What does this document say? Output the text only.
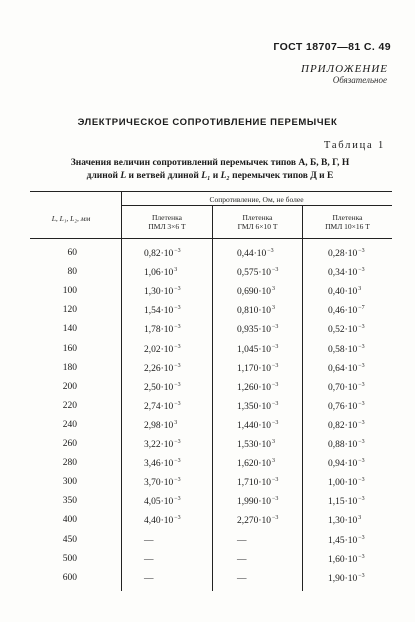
ГОСТ 18707—81 С. 49
ПРИЛОЖЕНИЕ
Обязательное
ЭЛЕКТРИЧЕСКОЕ СОПРОТИВЛЕНИЕ ПЕРЕМЫЧЕК
Таблица 1
Значения величин сопротивлений перемычек типов А, Б, В, Г, Н
длиной L и ветвей длиной L₁ и L₂ перемычек типов Д и Е
L, L₁, L₂, мм
Сопротивление, Ом, не более
Плетенка
ПМЛ 3×6 Т
Плетенка
ГМЛ 6×10 Т
Плетенка
ПМЛ 10×16 Т
60	$0,82\cdot 10^{-3}$	$0,44\cdot 10^{-3}$	$0,28\cdot 10^{-3}$
80	$1,06\cdot 10^3$	$0,575\cdot 10^{-3}$	$0,34\cdot 10^{-3}$
100	$1,30\cdot 10^{-3}$	$0,690\cdot 10^3$	$0,40\cdot 10^3$
120	$1,54\cdot 10^{-3}$	$0,810\cdot 10^3$	$0,46\cdot 10^{-7}$
140	$1,78\cdot 10^{-3}$	$0,935\cdot 10^{-3}$	$0,52\cdot 10^{-3}$
160	$2,02\cdot 10^{-3}$	$1,045\cdot 10^{-3}$	$0,58\cdot 10^{-3}$
180	$2,26\cdot 10^{-3}$	$1,170\cdot 10^{-3}$	$0,64\cdot 10^{-3}$
200	$2,50\cdot 10^{-3}$	$1,260\cdot 10^{-3}$	$0,70\cdot 10^{-3}$
220	$2,74\cdot 10^{-3}$	$1,350\cdot 10^{-3}$	$0,76\cdot 10^{-3}$
240	$2,98\cdot 10^3$	$1,440\cdot 10^{-3}$	$0,82\cdot 10^{-3}$
260	$3,22\cdot 10^{-3}$	$1,530\cdot 10^3$	$0,88\cdot 10^{-3}$
280	$3,46\cdot 10^{-3}$	$1,620\cdot 10^3$	$0,94\cdot 10^{-3}$
300	$3,70\cdot 10^{-3}$	$1,710\cdot 10^{-3}$	$1,00\cdot 10^{-3}$
350	$4,05\cdot 10^{-3}$	$1,990\cdot 10^{-3}$	$1,15\cdot 10^{-3}$
400	$4,40\cdot 10^{-3}$	$2,270\cdot 10^{-3}$	$1,30\cdot 10^3$
450	—	—	$1,45\cdot 10^{-3}$
500	—	—	$1,60\cdot 10^{-3}$
600	—	—	$1,90\cdot 10^{-3}$
